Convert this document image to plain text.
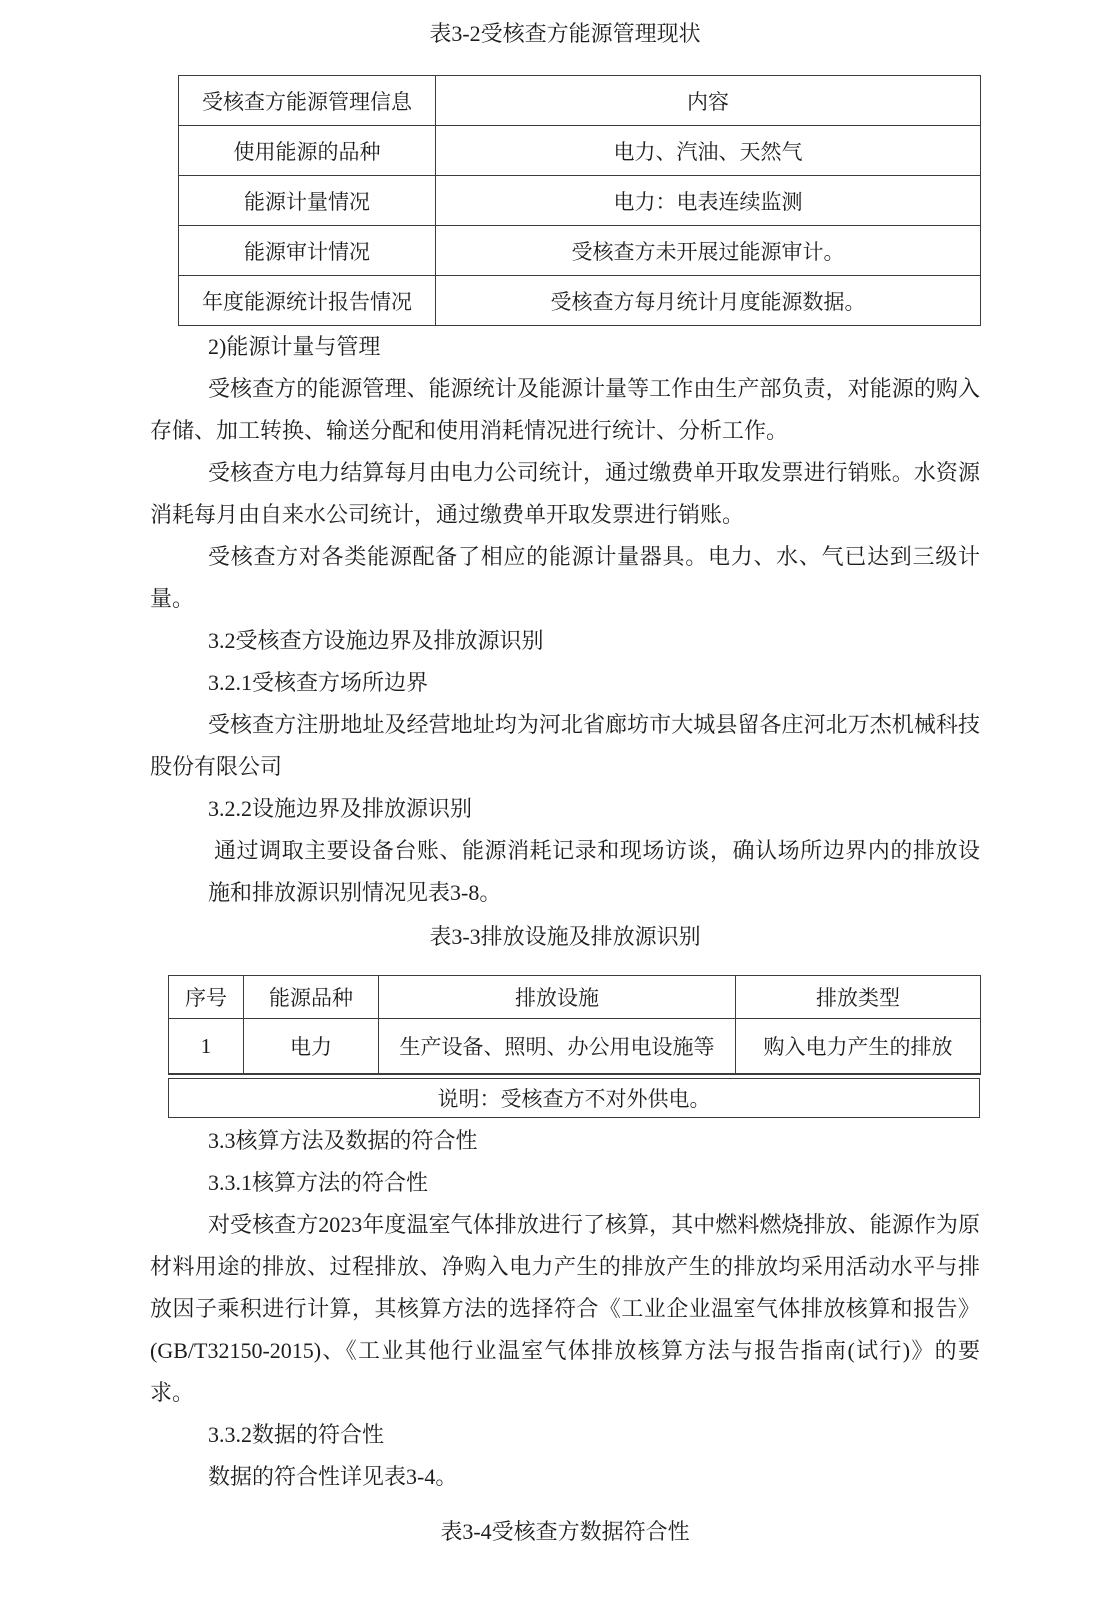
表3-2受核查方能源管理现状
受核查方能源管理信息	内容
使用能源的品种	电力、汽油、天然气
能源计量情况	电力：电表连续监测
能源审计情况	受核查方未开展过能源审计。
年度能源统计报告情况	受核查方每月统计月度能源数据。

2)能源计量与管理

受核查方的能源管理、能源统计及能源计量等工作由生产部负责，对能源的购入存储、加工转换、输送分配和使用消耗情况进行统计、分析工作。

受核查方电力结算每月由电力公司统计，通过缴费单开取发票进行销账。水资源消耗每月由自来水公司统计，通过缴费单开取发票进行销账。

受核查方对各类能源配备了相应的能源计量器具。电力、水、气已达到三级计量。

3.2受核查方设施边界及排放源识别

3.2.1受核查方场所边界

受核查方注册地址及经营地址均为河北省廊坊市大城县留各庄河北万杰机械科技股份有限公司

3.2.2设施边界及排放源识别

通过调取主要设备台账、能源消耗记录和现场访谈，确认场所边界内的排放设施和排放源识别情况见表3-8。

表3-3排放设施及排放源识别
序号	能源品种	排放设施	排放类型
1	电力	生产设备、照明、办公用电设施等	购入电力产生的排放
说明：受核查方不对外供电。

3.3核算方法及数据的符合性

3.3.1核算方法的符合性

对受核查方2023年度温室气体排放进行了核算，其中燃料燃烧排放、能源作为原材料用途的排放、过程排放、净购入电力产生的排放产生的排放均采用活动水平与排放因子乘积进行计算，其核算方法的选择符合《工业企业温室气体排放核算和报告》(GB/T32150-2015)、《工业其他行业温室气体排放核算方法与报告指南(试行)》的要求。

3.3.2数据的符合性

数据的符合性详见表3-4。

表3-4受核查方数据符合性
